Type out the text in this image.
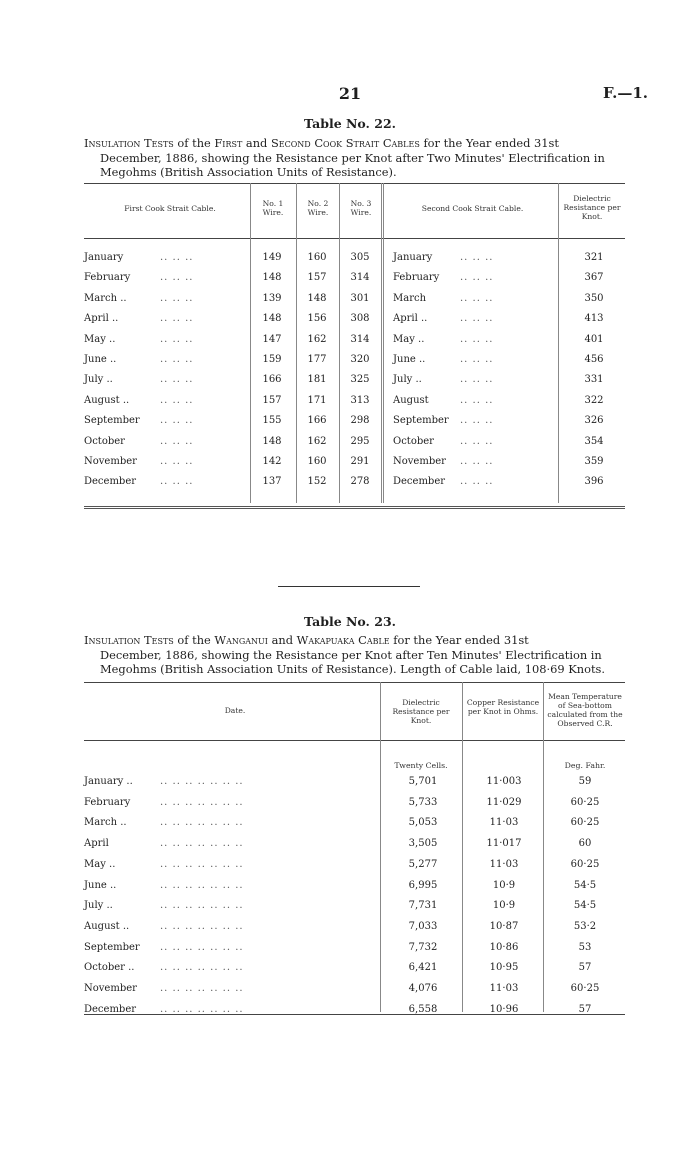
21	F.—1.
Table No. 22.
Insulation Tests of the First and Second Cook Strait Cables for the Year ended 31st
December, 1886, showing the Resistance per Knot after Two Minutes' Electrification in
Megohms (British Association Units of Resistance).
First Cook Strait Cable.
No. 1 Wire.
No. 2 Wire.
No. 3 Wire.	Second Cook Strait Cable.
Dielectric Resistance per Knot.
January	.. .. ..	149	160	305	January	.. .. ..	321
February	.. .. ..	148	157	314	February .. .. ..	367
March ..	.. .. ..	139	148	301	March	.. .. ..	350
April ..	.. .. ..	148	156	308	April ..	.. .. ..	413
May ..	.. .. ..	147	162	314	May ..	.. .. ..	401
June ..	.. .. ..	159	177	320	June ..	.. .. ..	456
July ..	.. .. ..	166	181	325	July ..	.. .. ..	331
August ..	.. .. ..	157	171	313	August	.. .. ..	322
September .. .. ..	155	166	298	September .. .. ..	326
October	.. .. ..	148	162	295	October	.. .. ..	354
November .. .. ..	142	160	291	November .. .. ..	359
December .. .. ..	137	152	278	December .. .. ..	396
Table No. 23.
Insulation Tests of the Wanganui and Wakapuaka Cable for the Year ended 31st
December, 1886, showing the Resistance per Knot after Ten Minutes' Electrification in
Megohms (British Association Units of Resistance). Length of Cable laid, 108·69 Knots.
Date.
Dielectric Resistance per Knot.
Copper Resistance per Knot in Ohms.
Mean Temperature of Sea-bottom calculated from the Observed C.R.
Twenty Cells.	Deg. Fahr.
January ..	.. .. .. .. .. .. ..	5,701	11·003	59
February	.. .. .. .. .. .. ..	5,733	11·029	60·25
March ..	.. .. .. .. .. .. ..	5,053	11·03	60·25
April	.. .. .. .. .. .. ..	3,505	11·017	60
May ..	.. .. .. .. .. .. ..	5,277	11·03	60·25
June ..	.. .. .. .. .. .. ..	6,995	10·9	54·5
July ..	.. .. .. .. .. .. ..	7,731	10·9	54·5
August ..	.. .. .. .. .. .. ..	7,033	10·87	53·2
September .. .. .. .. .. .. ..	7,732	10·86	53
October ..	.. .. .. .. .. .. ..	6,421	10·95	57
November .. .. .. .. .. .. ..	4,076	11·03	60·25
December .. .. .. .. .. .. ..	6,558	10·96	57
